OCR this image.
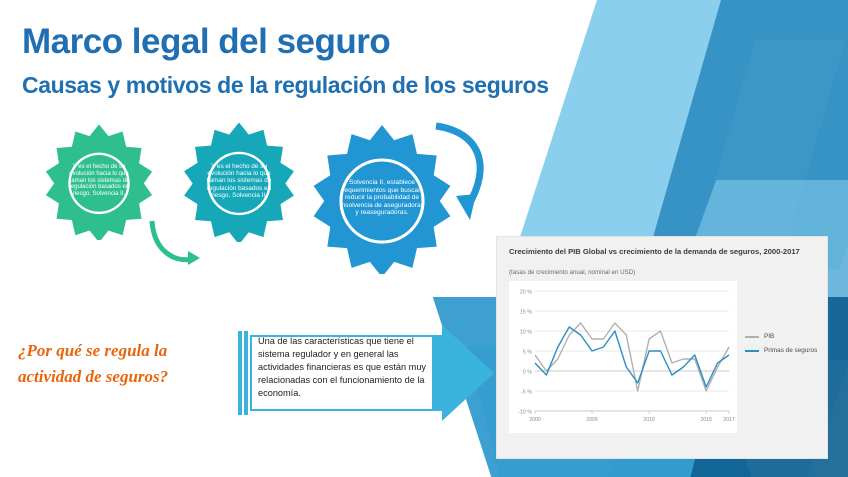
Marco legal del seguro
Causas y motivos de la regulación de los seguros
Y es el hecho de su evolución hacia lo que llaman los sistemas de regulación basados en riesgo, Solvencia II.
Y es el hecho de su evolución hacia lo que llaman los sistemas de regulación basados en riesgo, Solvencia II.
Solvencia II, establece requerimientos que buscan reducir la probabilidad de insolvencia de aseguradoras y reaseguradoras.
¿Por qué se regula la actividad de seguros?
Una de las características que tiene el sistema regulador y en general las actividades financieras es que están muy relacionadas con el funcionamiento de la economía.
Crecimiento del PIB Global vs crecimiento de la demanda de seguros, 2000-2017
(tasas de crecimiento anual, nominal en USD)
20 %
15 %
10 %
5 %
0 %
-5 %
-10 %
2000	2005	2010	2015 2017
PIB
Primas de seguros
